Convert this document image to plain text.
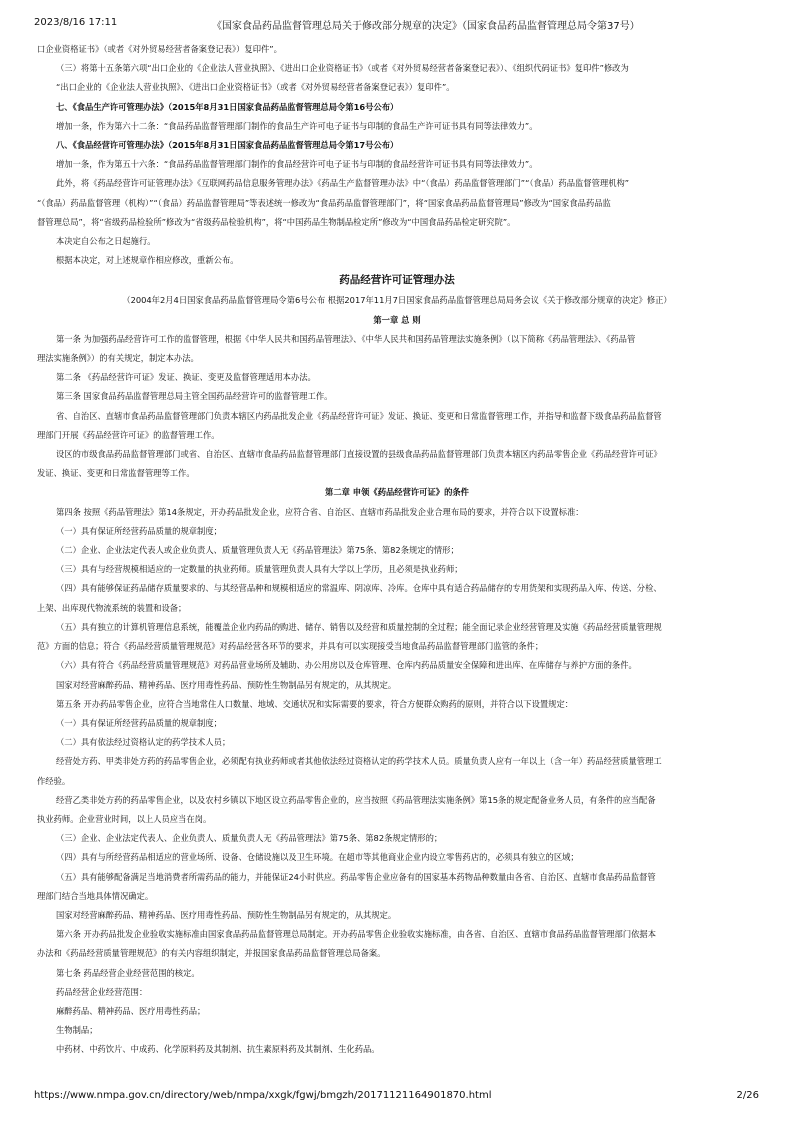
2023/8/16 17:11	《国家食品药品监督管理总局关于修改部分规章的决定》（国家食品药品监督管理总局令第37号）
口企业资格证书》（或者《对外贸易经营者备案登记表》）复印件”。
（三）将第十五条第六项“出口企业的《企业法人营业执照》、《进出口企业资格证书》（或者《对外贸易经营者备案登记表》）、《组织代码证书》复印件”修改为
“出口企业的《企业法人营业执照》、《进出口企业资格证书》（或者《对外贸易经营者备案登记表》）复印件”。
七、《食品生产许可管理办法》（2015年8月31日国家食品药品监督管理总局令第16号公布）
增加一条，作为第六十二条：“食品药品监督管理部门制作的食品生产许可电子证书与印制的食品生产许可证书具有同等法律效力”。
八、《食品经营许可管理办法》（2015年8月31日国家食品药品监督管理总局令第17号公布）
增加一条，作为第五十六条：“食品药品监督管理部门制作的食品经营许可电子证书与印制的食品经营许可证书具有同等法律效力”。
此外，将《药品经营许可证管理办法》《互联网药品信息服务管理办法》《药品生产监督管理办法》中“（食品）药品监督管理部门”“（食品）药品监督管理机构”
“（食品）药品监督管理（机构）”“（食品）药品监督管理局”等表述统一修改为“食品药品监督管理部门”，将“国家食品药品监督管理局”修改为“国家食品药品监
督管理总局”，将“省级药品检验所”修改为“省级药品检验机构”，将“中国药品生物制品检定所”修改为“中国食品药品检定研究院”。
本决定自公布之日起施行。
根据本决定，对上述规章作相应修改，重新公布。
药品经营许可证管理办法
（2004年2月4日国家食品药品监督管理局令第6号公布 根据2017年11月7日国家食品药品监督管理总局局务会议《关于修改部分规章的决定》修正）
第一章 总 则
第一条 为加强药品经营许可工作的监督管理，根据《中华人民共和国药品管理法》、《中华人民共和国药品管理法实施条例》（以下简称《药品管理法》、《药品管
理法实施条例》）的有关规定，制定本办法。
第二条 《药品经营许可证》发证、换证、变更及监督管理适用本办法。
第三条 国家食品药品监督管理总局主管全国药品经营许可的监督管理工作。
省、自治区、直辖市食品药品监督管理部门负责本辖区内药品批发企业《药品经营许可证》发证、换证、变更和日常监督管理工作，并指导和监督下级食品药品监督管
理部门开展《药品经营许可证》的监督管理工作。
设区的市级食品药品监督管理部门或省、自治区、直辖市食品药品监督管理部门直接设置的县级食品药品监督管理部门负责本辖区内药品零售企业《药品经营许可证》
发证、换证、变更和日常监督管理等工作。
第二章 申领《药品经营许可证》的条件
第四条 按照《药品管理法》第14条规定，开办药品批发企业，应符合省、自治区、直辖市药品批发企业合理布局的要求，并符合以下设置标准：
（一）具有保证所经营药品质量的规章制度；
（二）企业、企业法定代表人或企业负责人、质量管理负责人无《药品管理法》第75条、第82条规定的情形；
（三）具有与经营规模相适应的一定数量的执业药师。质量管理负责人具有大学以上学历，且必须是执业药师；
（四）具有能够保证药品储存质量要求的、与其经营品种和规模相适应的常温库、阴凉库、冷库。仓库中具有适合药品储存的专用货架和实现药品入库、传送、分检、
上架、出库现代物流系统的装置和设备；
（五）具有独立的计算机管理信息系统，能覆盖企业内药品的购进、储存、销售以及经营和质量控制的全过程；能全面记录企业经营管理及实施《药品经营质量管理规
范》方面的信息；符合《药品经营质量管理规范》对药品经营各环节的要求，并具有可以实现接受当地食品药品监督管理部门监管的条件；
（六）具有符合《药品经营质量管理规范》对药品营业场所及辅助、办公用房以及仓库管理、仓库内药品质量安全保障和进出库、在库储存与养护方面的条件。
国家对经营麻醉药品、精神药品、医疗用毒性药品、预防性生物制品另有规定的，从其规定。
第五条 开办药品零售企业，应符合当地常住人口数量、地域、交通状况和实际需要的要求，符合方便群众购药的原则，并符合以下设置规定：
（一）具有保证所经营药品质量的规章制度；
（二）具有依法经过资格认定的药学技术人员；
经营处方药、甲类非处方药的药品零售企业，必须配有执业药师或者其他依法经过资格认定的药学技术人员。质量负责人应有一年以上（含一年）药品经营质量管理工
作经验。
经营乙类非处方药的药品零售企业，以及农村乡镇以下地区设立药品零售企业的，应当按照《药品管理法实施条例》第15条的规定配备业务人员，有条件的应当配备
执业药师。企业营业时间，以上人员应当在岗。
（三）企业、企业法定代表人、企业负责人、质量负责人无《药品管理法》第75条、第82条规定情形的；
（四）具有与所经营药品相适应的营业场所、设备、仓储设施以及卫生环境。在超市等其他商业企业内设立零售药店的，必须具有独立的区域；
（五）具有能够配备满足当地消费者所需药品的能力，并能保证24小时供应。药品零售企业应备有的国家基本药物品种数量由各省、自治区、直辖市食品药品监督管
理部门结合当地具体情况确定。
国家对经营麻醉药品、精神药品、医疗用毒性药品、预防性生物制品另有规定的，从其规定。
第六条 开办药品批发企业验收实施标准由国家食品药品监督管理总局制定。开办药品零售企业验收实施标准，由各省、自治区、直辖市食品药品监督管理部门依据本
办法和《药品经营质量管理规范》的有关内容组织制定，并报国家食品药品监督管理总局备案。
第七条 药品经营企业经营范围的核定。
药品经营企业经营范围：
麻醉药品、精神药品、医疗用毒性药品；
生物制品；
中药材、中药饮片、中成药、化学原料药及其制剂、抗生素原料药及其制剂、生化药品。
https://www.nmpa.gov.cn/directory/web/nmpa/xxgk/fgwj/bmgzh/20171121164901870.html	2/26
